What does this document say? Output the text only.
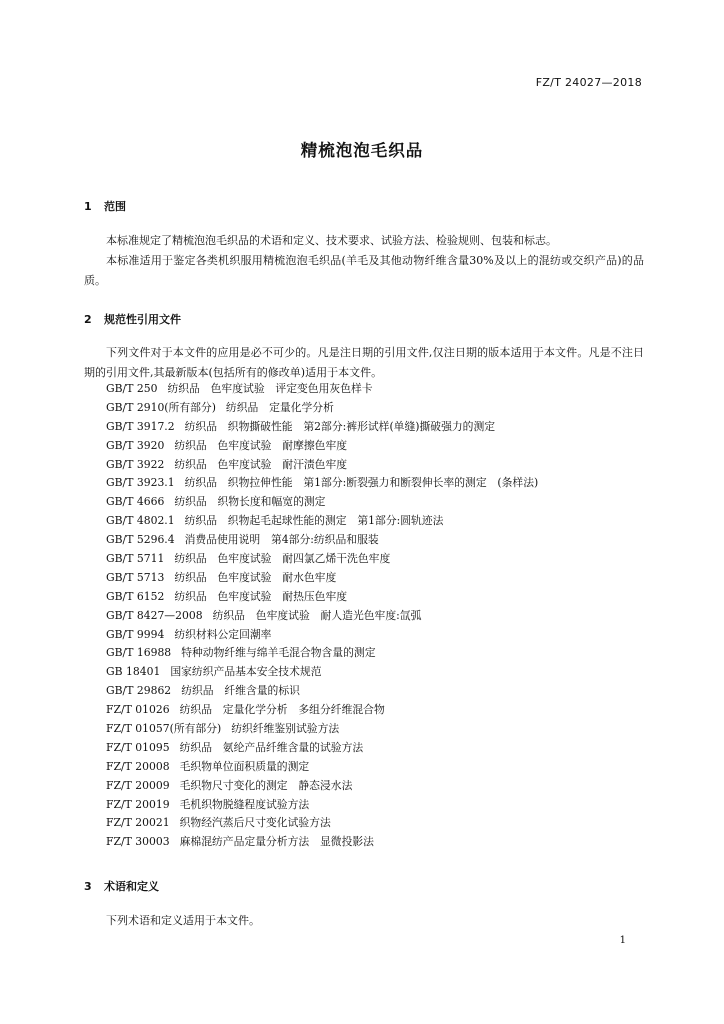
FZ/T 24027—2018
精梳泡泡毛织品
1 范围
本标准规定了精梳泡泡毛织品的术语和定义、技术要求、试验方法、检验规则、包装和标志。
本标准适用于鉴定各类机织服用精梳泡泡毛织品(羊毛及其他动物纤维含量30%及以上的混纺或交织产品)的品质。
2 规范性引用文件
下列文件对于本文件的应用是必不可少的。凡是注日期的引用文件,仅注日期的版本适用于本文件。凡是不注日期的引用文件,其最新版本(包括所有的修改单)适用于本文件。
GB/T 250 纺织品　色牢度试验　评定变色用灰色样卡
GB/T 2910(所有部分) 纺织品　定量化学分析
GB/T 3917.2 纺织品　织物撕破性能　第2部分:裤形试样(单缝)撕破强力的测定
GB/T 3920 纺织品　色牢度试验　耐摩擦色牢度
GB/T 3922 纺织品　色牢度试验　耐汗渍色牢度
GB/T 3923.1 纺织品　织物拉伸性能　第1部分:断裂强力和断裂伸长率的测定　(条样法)
GB/T 4666 纺织品　织物长度和幅宽的测定
GB/T 4802.1 纺织品　织物起毛起球性能的测定　第1部分:圆轨迹法
GB/T 5296.4 消费品使用说明　第4部分:纺织品和服装
GB/T 5711 纺织品　色牢度试验　耐四氯乙烯干洗色牢度
GB/T 5713 纺织品　色牢度试验　耐水色牢度
GB/T 6152 纺织品　色牢度试验　耐热压色牢度
GB/T 8427—2008 纺织品　色牢度试验　耐人造光色牢度:氙弧
GB/T 9994 纺织材料公定回潮率
GB/T 16988 特种动物纤维与绵羊毛混合物含量的测定
GB 18401 国家纺织产品基本安全技术规范
GB/T 29862 纺织品　纤维含量的标识
FZ/T 01026 纺织品　定量化学分析　多组分纤维混合物
FZ/T 01057(所有部分) 纺织纤维鉴别试验方法
FZ/T 01095 纺织品　氨纶产品纤维含量的试验方法
FZ/T 20008 毛织物单位面积质量的测定
FZ/T 20009 毛织物尺寸变化的测定　静态浸水法
FZ/T 20019 毛机织物脱缝程度试验方法
FZ/T 20021 织物经汽蒸后尺寸变化试验方法
FZ/T 30003 麻棉混纺产品定量分析方法　显微投影法
3 术语和定义
下列术语和定义适用于本文件。
1
